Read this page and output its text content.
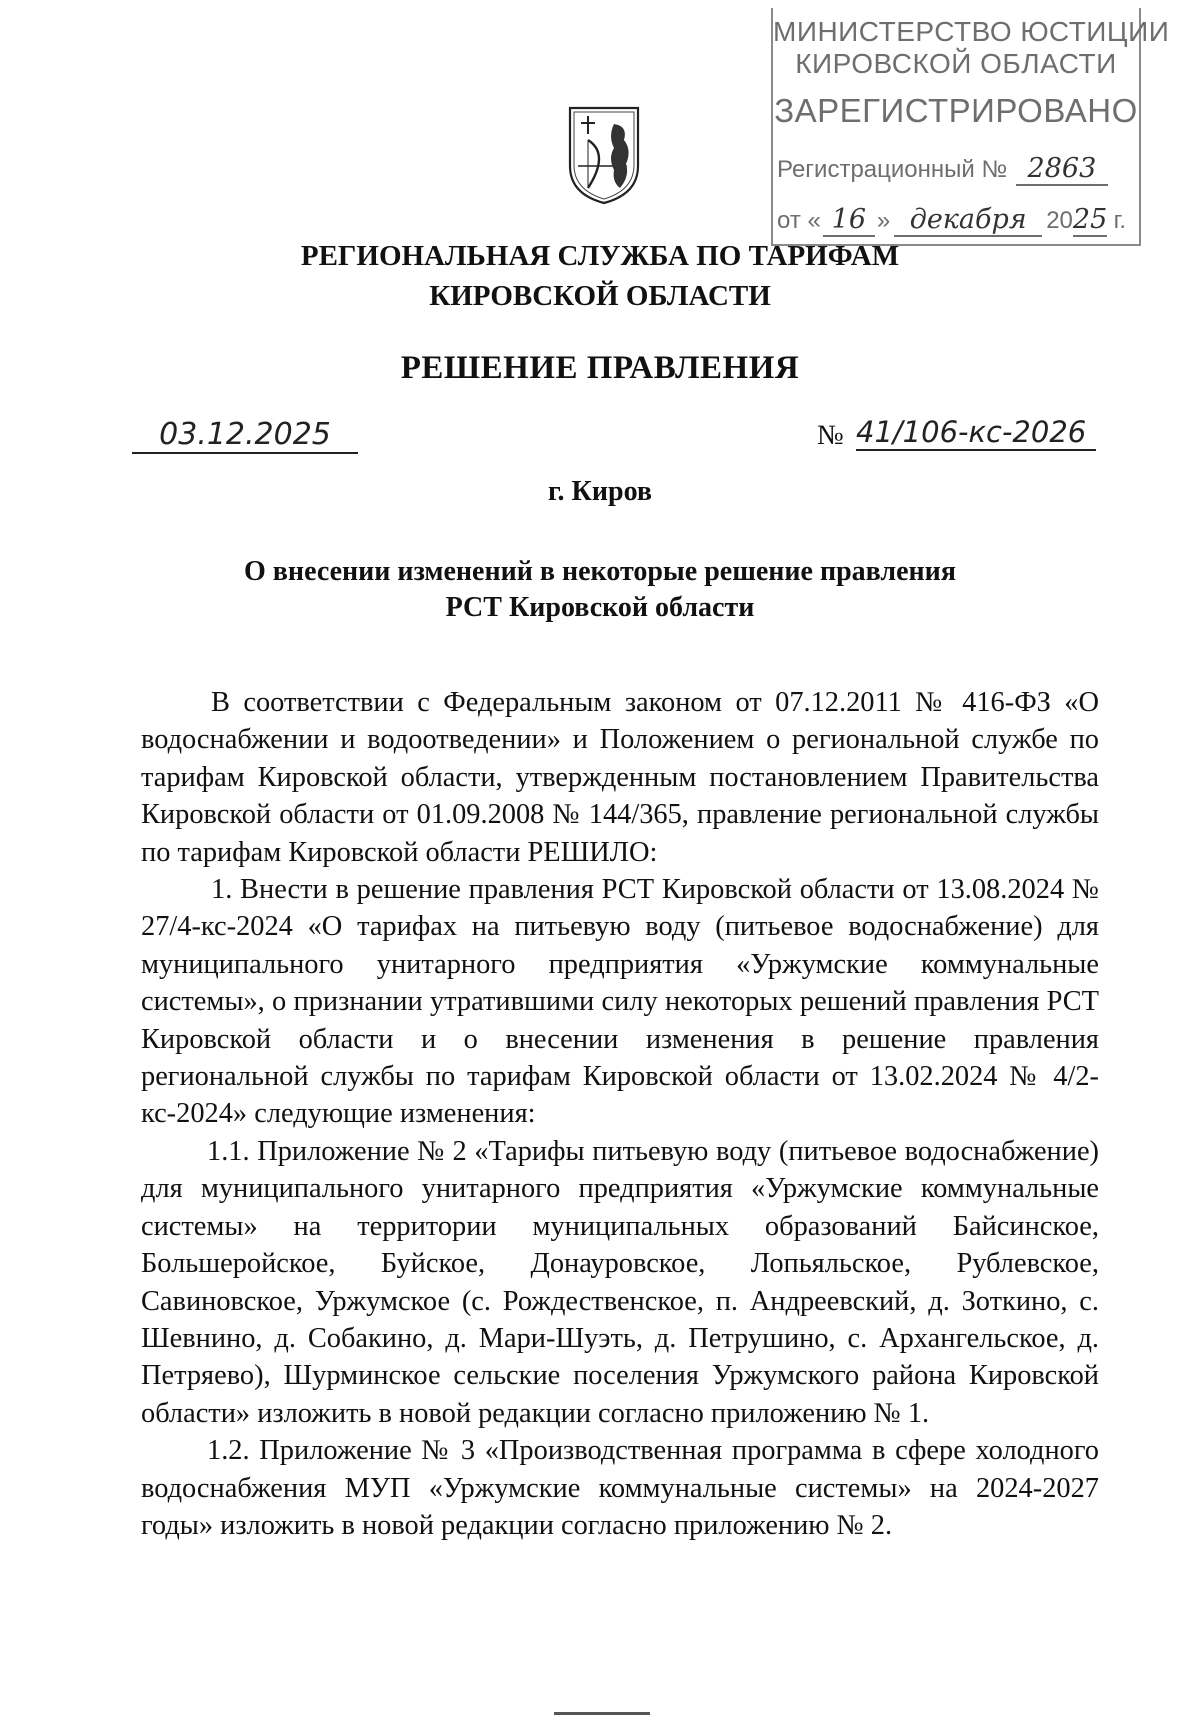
МИНИСТЕРСТВО ЮСТИЦИИ
КИРОВСКОЙ ОБЛАСТИ
ЗАРЕГИСТРИРОВАНО
Регистрационный № 2863
от « 16 » декабря 2025 г.
РЕГИОНАЛЬНАЯ СЛУЖБА ПО ТАРИФАМ
КИРОВСКОЙ ОБЛАСТИ
РЕШЕНИЕ ПРАВЛЕНИЯ
03.12.2025	№ 41/106-кс-2026
г. Киров
О внесении изменений в некоторые решение правления
РСТ Кировской области

В соответствии с Федеральным законом от 07.12.2011 № 416-ФЗ «О водоснабжении и водоотведении» и Положением о региональной службе по тарифам Кировской области, утвержденным постановлением Правительства Кировской области от 01.09.2008 № 144/365, правление региональной службы по тарифам Кировской области РЕШИЛО:

1. Внести в решение правления РСТ Кировской области от 13.08.2024 № 27/4-кс-2024 «О тарифах на питьевую воду (питьевое водоснабжение) для муниципального унитарного предприятия «Уржумские коммунальные системы», о признании утратившими силу некоторых решений правления РСТ Кировской области и о внесении изменения в решение правления региональной службы по тарифам Кировской области от 13.02.2024 № 4/2-кс-2024» следующие изменения:

1.1. Приложение № 2 «Тарифы питьевую воду (питьевое водоснабжение) для муниципального унитарного предприятия «Уржумские коммунальные системы» на территории муниципальных образований Байсинское, Большеройское, Буйское, Донауровское, Лопьяльское, Рублевское, Савиновское, Уржумское (с. Рождественское, п. Андреевский, д. Зоткино, с. Шевнино, д. Собакино, д. Мари-Шуэть, д. Петрушино, с. Архангельское, д. Петряево), Шурминское сельские поселения Уржумского района Кировской области» изложить в новой редакции согласно приложению № 1.

1.2. Приложение № 3 «Производственная программа в сфере холодного водоснабжения МУП «Уржумские коммунальные системы» на 2024-2027 годы» изложить в новой редакции согласно приложению № 2.
